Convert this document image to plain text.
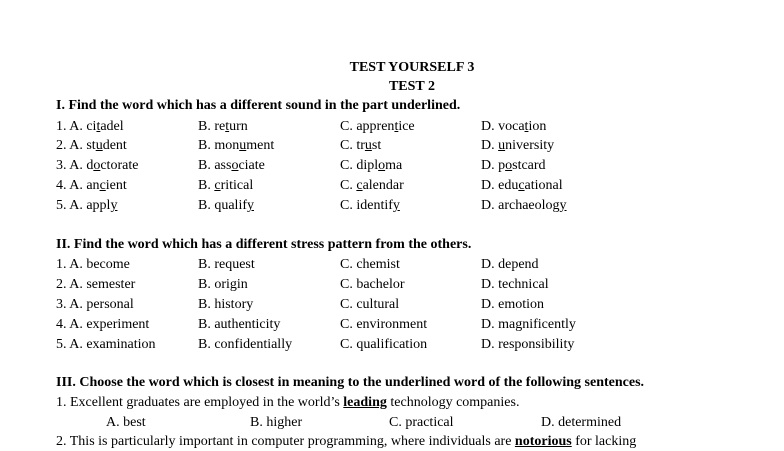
TEST YOURSELF 3
TEST 2
I. Find the word which has a different sound in the part underlined.
1. A. citadel	B. return	C. apprentice	D. vocation
2. A. student	B. monument	C. trust	D. university
3. A. doctorate	B. associate	C. diploma	D. postcard
4. A. ancient	B. critical	C. calendar	D. educational
5. A. apply	B. qualify	C. identify	D. archaeology
II. Find the word which has a different stress pattern from the others.
1. A. become	B. request	C. chemist	D. depend
2. A. semester	B. origin	C. bachelor	D. technical
3. A. personal	B. history	C. cultural	D. emotion
4. A. experiment	B. authenticity	C. environment	D. magnificently
5. A. examination	B. confidentially	C. qualification	D. responsibility
III. Choose the word which is closest in meaning to the underlined word of the following sentences.
1. Excellent graduates are employed in the world’s leading technology companies.
A. best	B. higher	C. practical	D. determined
2. This is particularly important in computer programming, where individuals are notorious for lacking
